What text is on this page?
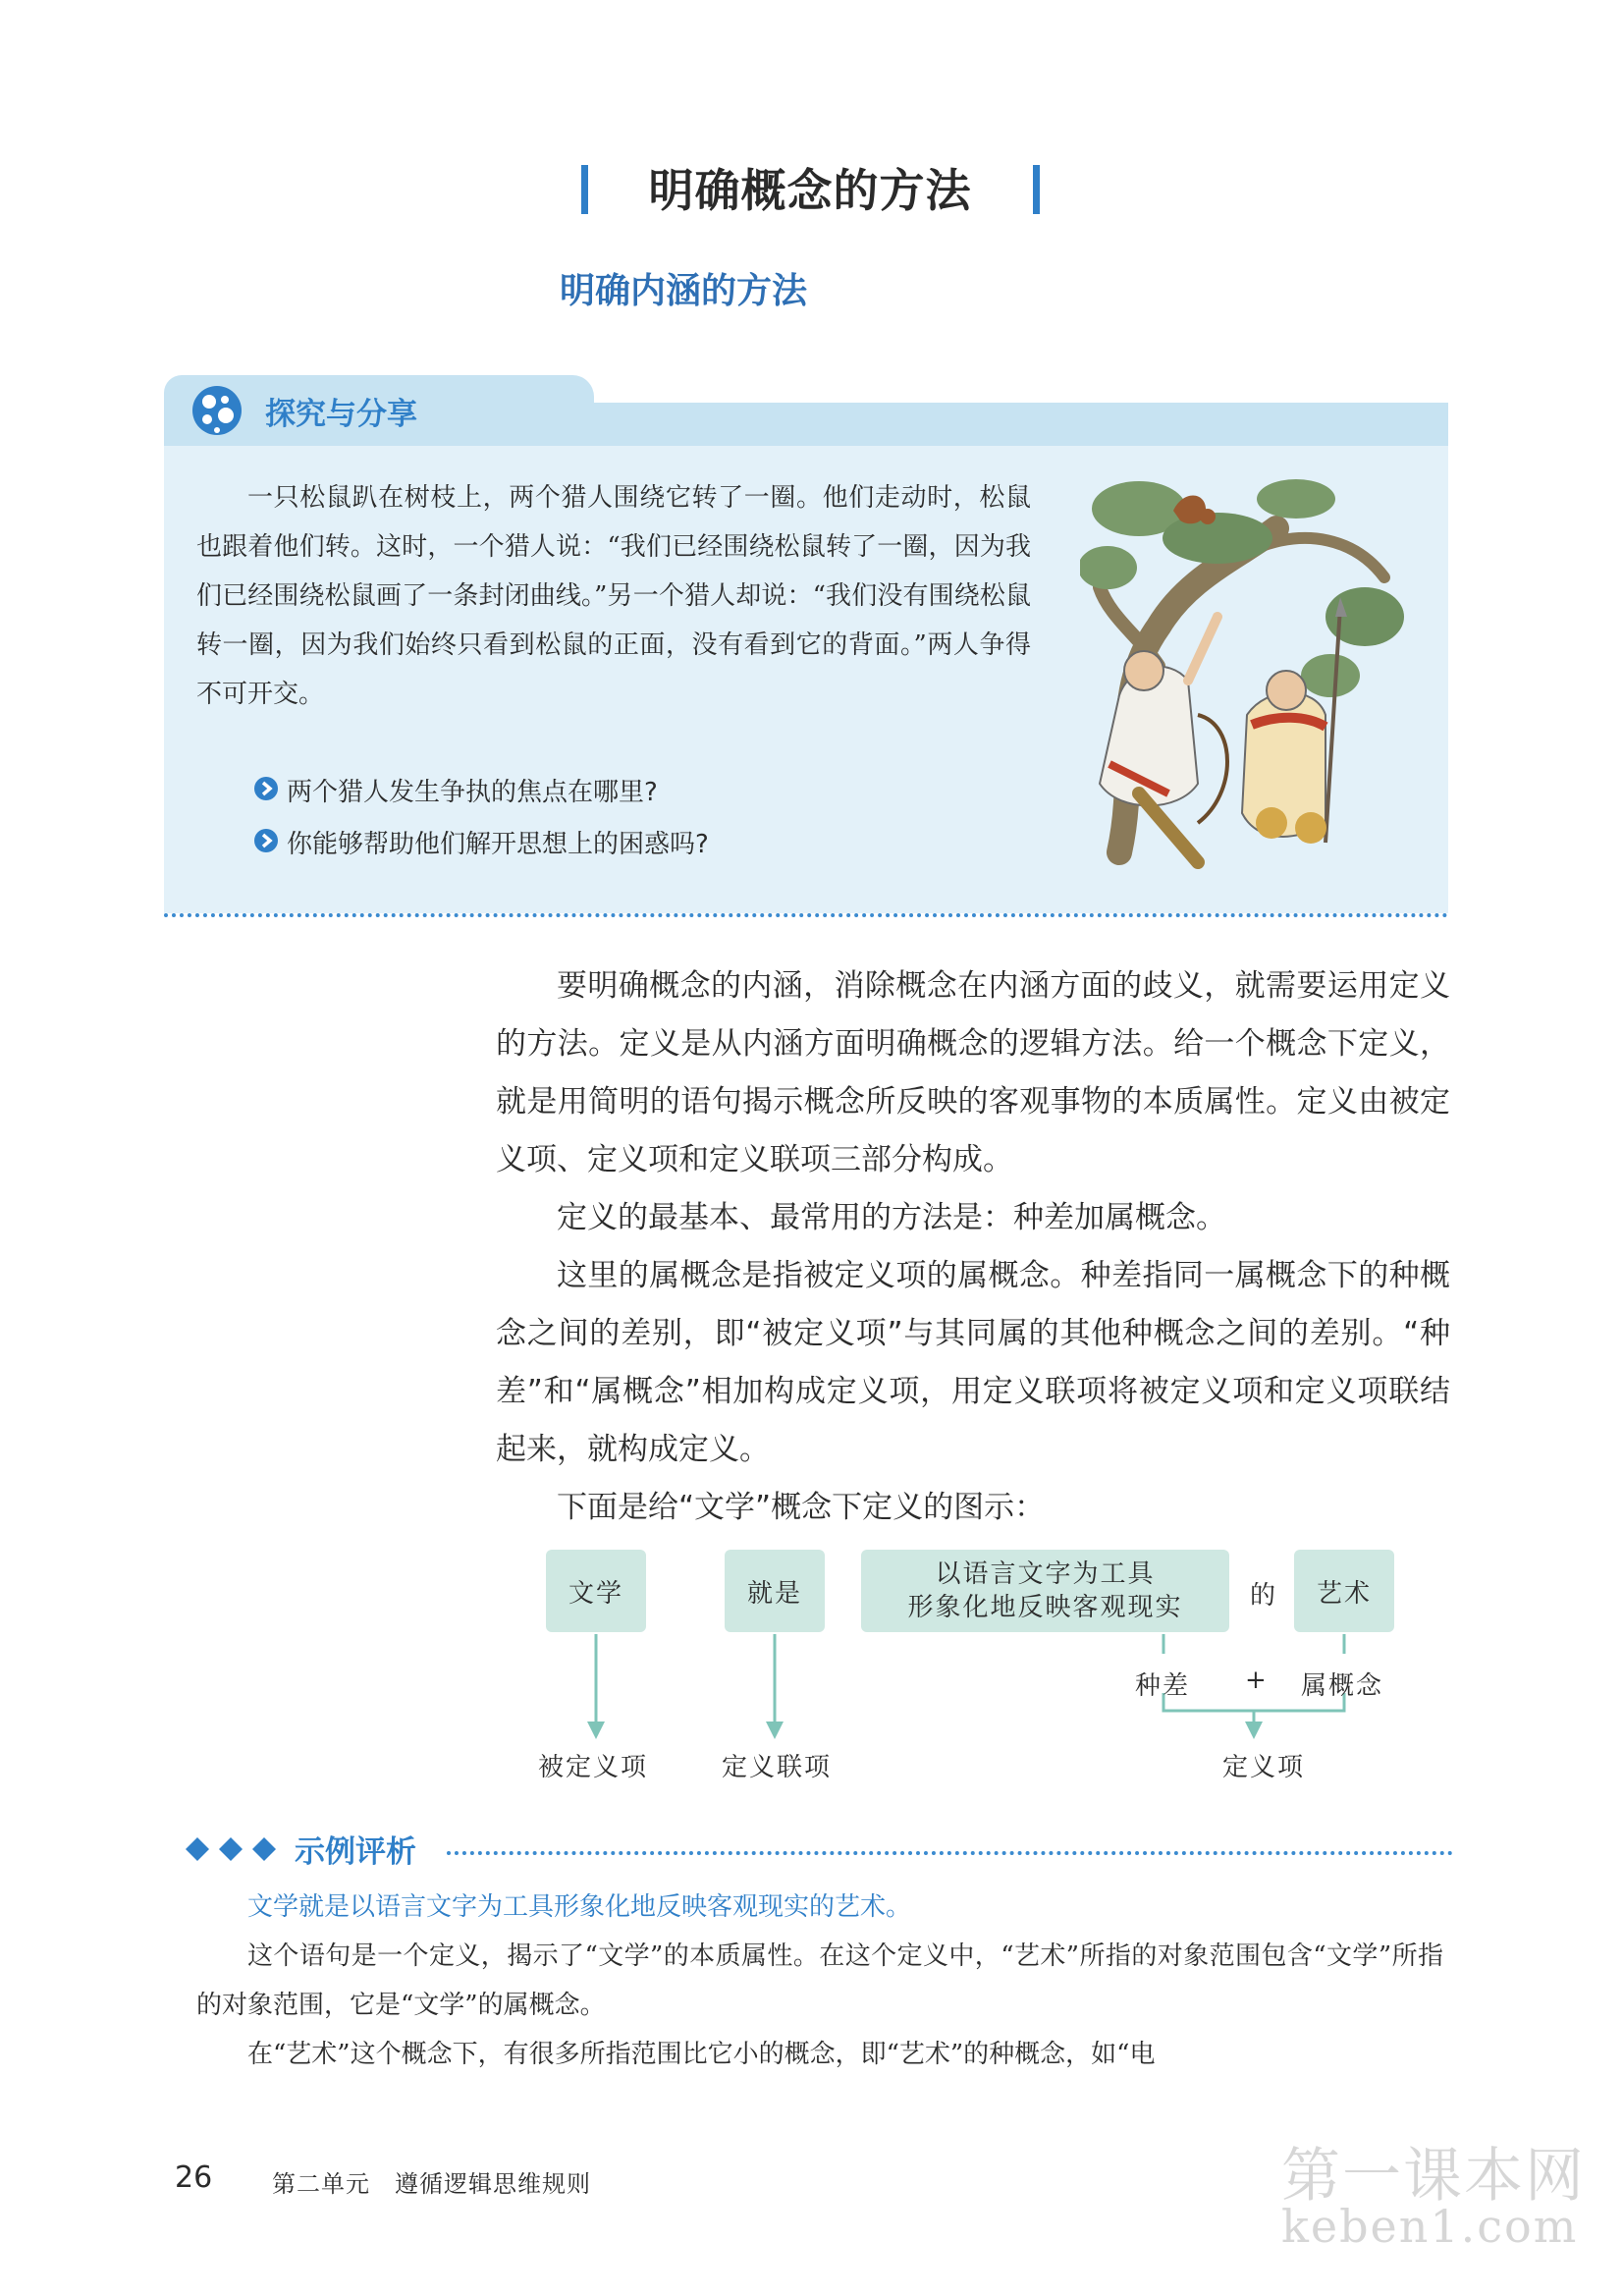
明确概念的方法
明确内涵的方法
探究与分享
一只松鼠趴在树枝上，两个猎人围绕它转了一圈。他们走动时，松鼠也跟着他们转。这时，一个猎人说：“我们已经围绕松鼠转了一圈，因为我们已经围绕松鼠画了一条封闭曲线。”另一个猎人却说：“我们没有围绕松鼠转一圈，因为我们始终只看到松鼠的正面，没有看到它的背面。”两人争得不可开交。
两个猎人发生争执的焦点在哪里?
你能够帮助他们解开思想上的困惑吗?

要明确概念的内涵，消除概念在内涵方面的歧义，就需要运用定义的方法。定义是从内涵方面明确概念的逻辑方法。给一个概念下定义，就是用简明的语句揭示概念所反映的客观事物的本质属性。定义由被定义项、定义项和定义联项三部分构成。

定义的最基本、最常用的方法是：种差加属概念。

这里的属概念是指被定义项的属概念。种差指同一属概念下的种概念之间的差别，即“被定义项”与其同属的其他种概念之间的差别。“种差”和“属概念”相加构成定义项，用定义联项将被定义项和定义项联结起来，就构成定义。

下面是给“文学”概念下定义的图示：

文学	就是
以语言文字为工具
形象化地反映客观现实	的	艺术
种差 + 属概念
被定义项	定义联项	定义项
示例评析

文学就是以语言文字为工具形象化地反映客观现实的艺术。

这个语句是一个定义，揭示了“文学”的本质属性。在这个定义中，“艺术”所指的对象范围包含“文学”所指的对象范围，它是“文学”的属概念。

在“艺术”这个概念下，有很多所指范围比它小的概念，即“艺术”的种概念，如“电

26	第二单元　遵循逻辑思维规则	第一课本网
keben1.com
